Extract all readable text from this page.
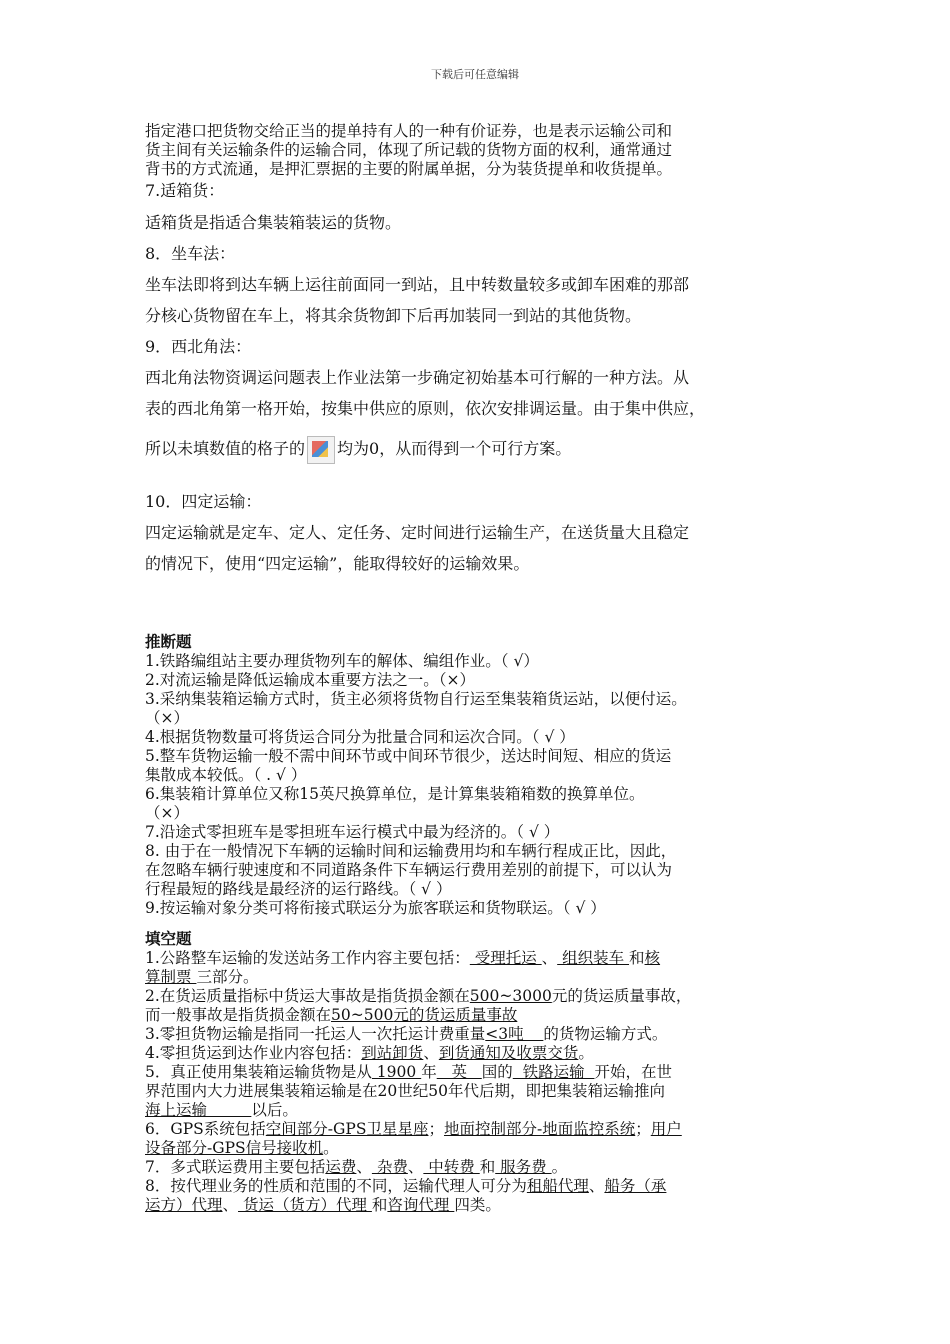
下载后可任意编辑

指定港口把货物交给正当的提单持有人的一种有价证券，也是表示运输公司和

货主间有关运输条件的运输合同，体现了所记载的货物方面的权利，通常通过

背书的方式流通，是押汇票据的主要的附属单据，分为装货提单和收货提单。

7.适箱货：

适箱货是指适合集装箱装运的货物。

8．坐车法：

坐车法即将到达车辆上运往前面同一到站，且中转数量较多或卸车困难的那部

分核心货物留在车上，将其余货物卸下后再加装同一到站的其他货物。

9．西北角法：

西北角法物资调运问题表上作业法第一步确定初始基本可行解的一种方法。从

表的西北角第一格开始，按集中供应的原则，依次安排调运量。由于集中供应，

所以未填数值的格子的 均为0，从而得到一个可行方案。

10．四定运输：

四定运输就是定车、定人、定任务、定时间进行运输生产，在送货量大且稳定

的情况下，使用“四定运输”，能取得较好的运输效果。

推断题

1.铁路编组站主要办理货物列车的解体、编组作业。（ √）

2.对流运输是降低运输成本重要方法之一。（×）

3.采纳集装箱运输方式时，货主必须将货物自行运至集装箱货运站，以便付运。

（×）

4.根据货物数量可将货运合同分为批量合同和运次合同。（ √ ）

5.整车货物运输一般不需中间环节或中间环节很少，送达时间短、相应的货运

集散成本较低。（ . √ ）

6.集装箱计算单位又称15英尺换算单位，是计算集装箱箱数的换算单位。

（×）

7.沿途式零担班车是零担班车运行模式中最为经济的。（ √ ）

8. 由于在一般情况下车辆的运输时间和运输费用均和车辆行程成正比，因此，

在忽略车辆行驶速度和不同道路条件下车辆运行费用差别的前提下，可以认为

行程最短的路线是最经济的运行路线。（ √ ）

9.按运输对象分类可将衔接式联运分为旅客联运和货物联运。（ √ ）

填空题

1.公路整车运输的发送站务工作内容主要包括： 受理托运 、 组织装车 和核

算制票 三部分。

2.在货运质量指标中货运大事故是指货损金额在500~3000元的货运质量事故，

而一般事故是指货损金额在50~500元的货运质量事故

3.零担货物运输是指同一托运人一次托运计费重量<3吨    的货物运输方式。

4.零担货运到达作业内容包括：到站卸货、到货通知及收票交货。

5．真正使用集装箱运输货物是从 1900 年   英   国的  铁路运输  开始，在世

界范围内大力进展集装箱运输是在20世纪50年代后期，即把集装箱运输推向

海上运输         以后。

6．GPS系统包括空间部分-GPS卫星星座；地面控制部分-地面监控系统；用户

设备部分-GPS信号接收机。

7．多式联运费用主要包括运费、 杂费、 中转费 和 服务费 。

8．按代理业务的性质和范围的不同，运输代理人可分为租船代理、船务（承

运方）代理、 货运（货方）代理 和咨询代理 四类。
